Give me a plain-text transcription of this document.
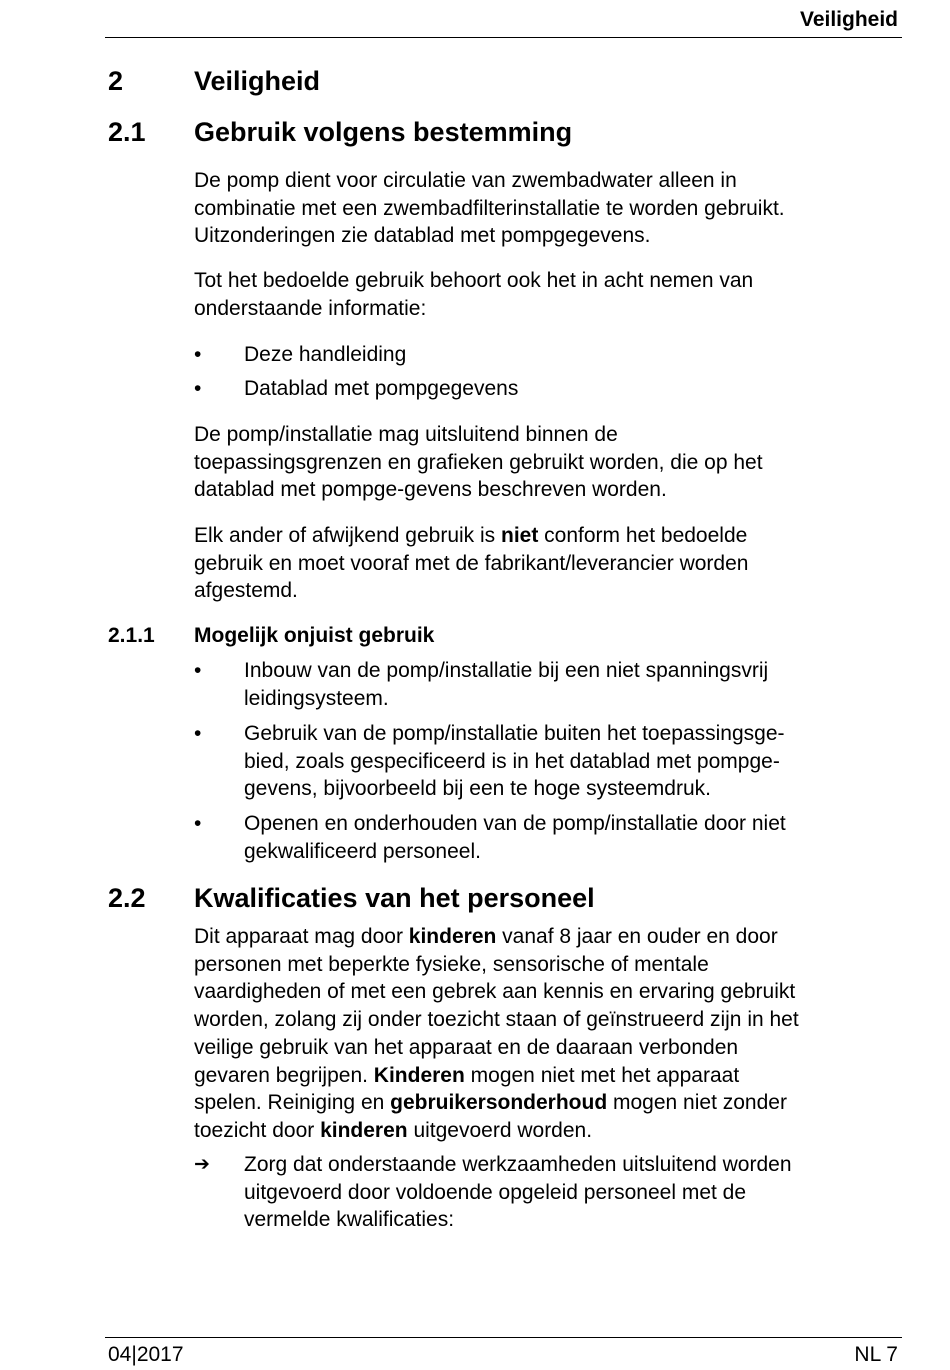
Veiligheid
2	Veiligheid
2.1 Gebruik volgens bestemming

De pomp dient voor circulatie van zwembadwater alleen in
combinatie met een zwembadfilterinstallatie te worden gebruikt.
Uitzonderingen zie datablad met pompgegevens.

Tot het bedoelde gebruik behoort ook het in acht nemen van
onderstaande informatie:

• Deze handleiding
• Datablad met pompgegevens

De pomp/installatie mag uitsluitend binnen de
toepassingsgrenzen en grafieken gebruikt worden, die op het
datablad met pompge-gevens beschreven worden.

Elk ander of afwijkend gebruik is niet conform het bedoelde
gebruik en moet vooraf met de fabrikant/leverancier worden
afgestemd.

2.1.1 Mogelijk onjuist gebruik
• Inbouw van de pomp/installatie bij een niet spanningsvrij
leidingsysteem.
• Gebruik van de pomp/installatie buiten het toepassingsge-
bied, zoals gespecificeerd is in het datablad met pompge-
gevens, bijvoorbeeld bij een te hoge systeemdruk.
• Openen en onderhouden van de pomp/installatie door niet
gekwalificeerd personeel.
2.2 Kwalificaties van het personeel

Dit apparaat mag door kinderen vanaf 8 jaar en ouder en door
personen met beperkte fysieke, sensorische of mentale
vaardigheden of met een gebrek aan kennis en ervaring gebruikt
worden, zolang zij onder toezicht staan of geïnstrueerd zijn in het
veilige gebruik van het apparaat en de daaraan verbonden
gevaren begrijpen. Kinderen mogen niet met het apparaat
spelen. Reiniging en gebruikersonderhoud mogen niet zonder
toezicht door kinderen uitgevoerd worden.

➔ Zorg dat onderstaande werkzaamheden uitsluitend worden
uitgevoerd door voldoende opgeleid personeel met de
vermelde kwalificaties:
04|2017	NL 7
